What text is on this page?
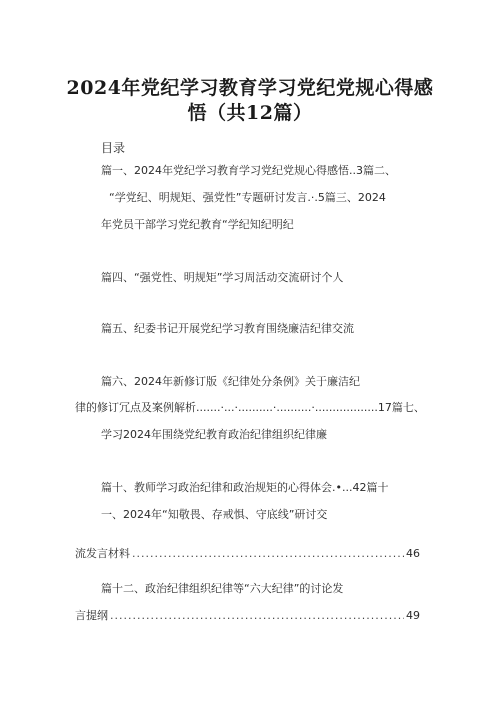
2024年党纪学习教育学习党纪党规心得感
悟（共12篇）
目录
篇一、2024年党纪学习教育学习党纪党规心得感悟..3篇二、
“学党纪、明规矩、强党性”专题研讨发言.·.5篇三、2024
年党员干部学习党纪教育“学纪知纪明纪
篇四、“强党性、明规矩”学习周活动交流研讨个人
篇五、纪委书记开展党纪学习教育围绕廉洁纪律交流
篇六、2024年新修订版《纪律处分条例》关于廉洁纪
律的修订冗点及案例解析.......·...·..........·..........·..................17篇七、
学习2024年围绕党纪教育政治纪律组织纪律廉
篇十、教师学习政治纪律和政治规矩的心得体会.•...42篇十
一、2024年“知敬畏、存戒惧、守底线”研讨交
流发言材料 .....	46
篇十二、政治纪律组织纪律等“六大纪律”的讨论发
言提纲 .....	49
